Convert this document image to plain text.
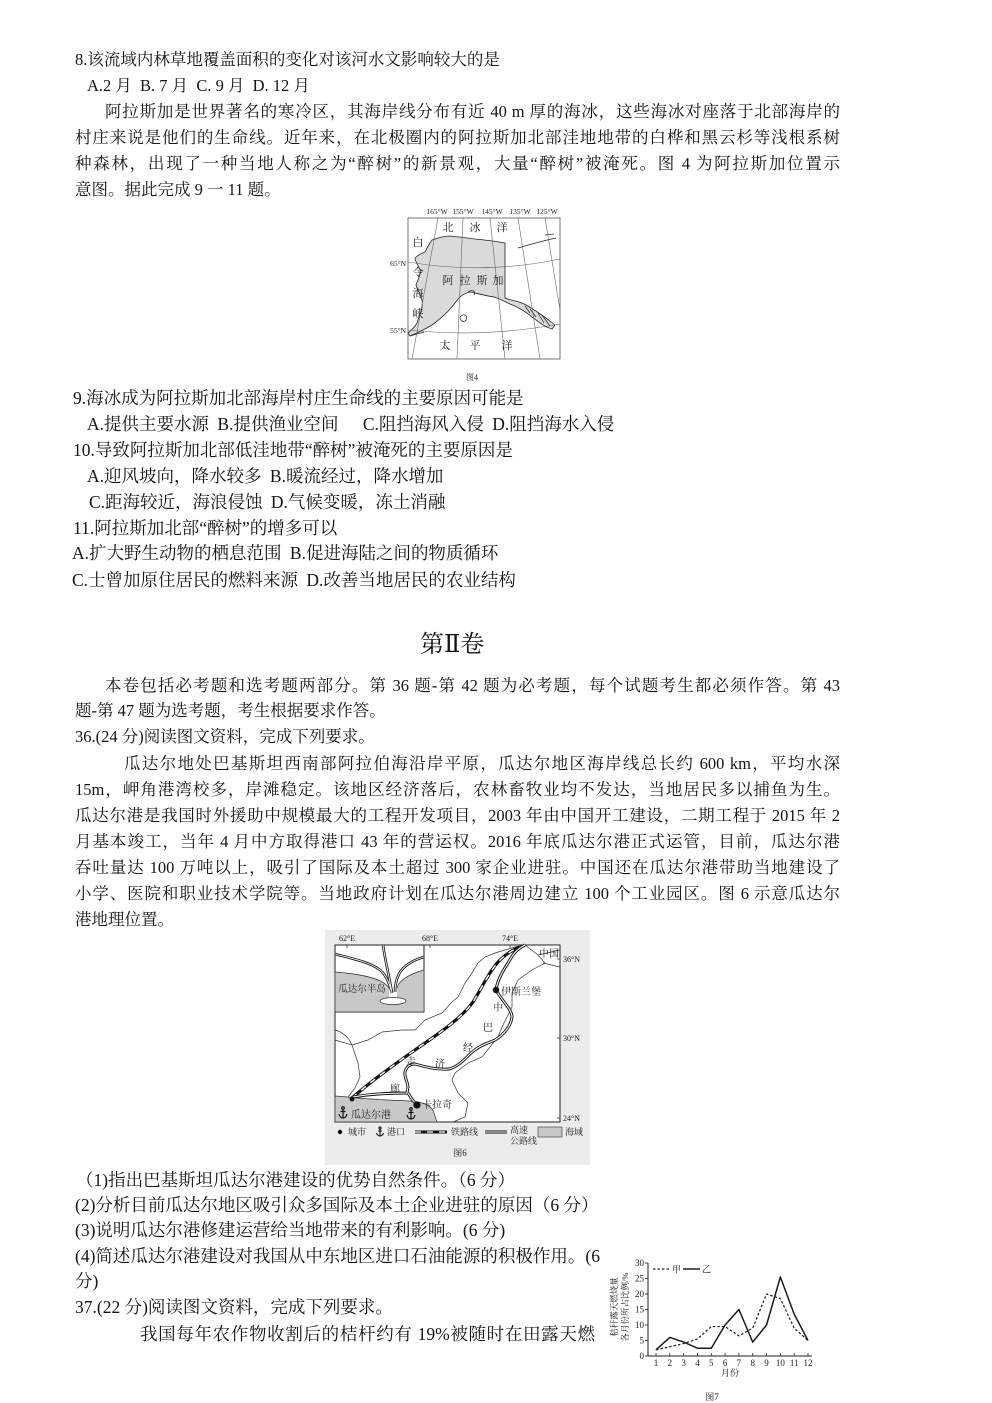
8.该流域内林草地覆盖面积的变化对该河水文影响较大的是
A.2 月 B. 7 月 C. 9 月 D. 12 月
阿拉斯加是世界著名的寒冷区，其海岸线分布有近 40 m 厚的海冰，这些海冰对座落于北部海岸的
村庄来说是他们的生命线。近年来，在北极圈内的阿拉斯加北部洼地地带的白桦和黑云杉等浅根系树
种森林，出现了一种当地人称之为“醉树”的新景观，大量“醉树”被淹死。图 4 为阿拉斯加位置示
意图。据此完成 9 一 11 题。
165°W 155°W 145°W 135°W 125°W
65°N
55°N
北 冰 洋
白
令
海
峡
阿 拉 斯 加
太 平 洋
图4
9.海冰成为阿拉斯加北部海岸村庄生命线的主要原因可能是
A.提供主要水源 B.提供渔业空间 C.阻挡海风入侵 D.阻挡海水入侵
10.导致阿拉斯加北部低洼地带“醉树”被淹死的主要原因是
A.迎风坡向，降水较多 B.暖流经过，降水增加
C.距海较近，海浪侵蚀 D.气候变暖，冻土消融
11.阿拉斯加北部“醉树”的增多可以
A.扩大野生动物的栖息范围 B.促进海陆之间的物质循环
C.士曾加原住居民的燃料来源 D.改善当地居民的农业结构
第Ⅱ卷
本卷包括必考题和选考题两部分。第 36 题-第 42 题为必考题，每个试题考生都必须作答。第 43
题-第 47 题为选考题，考生根据要求作答。
36.(24 分)阅读图文资料，完成下列要求。
瓜达尔地处巴基斯坦西南部阿拉伯海沿岸平原，瓜达尔地区海岸线总长约 600 km，平均水深
15m，岬角港湾校多，岸滩稳定。该地区经济落后，农林畜牧业均不发达，当地居民多以捕鱼为生。
瓜达尔港是我国时外援助中规模最大的工程开发项目，2003 年由中国开工建设，二期工程于 2015 年 2
月基本竣工，当年 4 月中方取得港口 43 年的营运权。2016 年底瓜达尔港正式运管，目前，瓜达尔港
吞吐量达 100 万吨以上，吸引了国际及本土超过 300 家企业进驻。中国还在瓜达尔港带助当地建设了
小学、医院和职业技术学院等。当地政府计划在瓜达尔港周边建立 100 个工业园区。图 6 示意瓜达尔
港地理位置。
瓜达尔半岛
62°E	68°E	74°E
36°N
30°N
24°N
伊斯兰堡
卡拉奇
瓜达尔港
中国
中
巴
经
济
走
廊
城市 港口	铁路线	高速
公路线
海域
图6
（1)指出巴基斯坦瓜达尔港建设的优势自然条件。（6 分）
(2)分析目前瓜达尔地区吸引众多国际及本土企业进驻的原因（6 分）
(3)说明瓜达尔港修建运营给当地带来的有利影响。(6 分)
(4)简述瓜达尔港建设对我国从中东地区进口石油能源的积极作用。(6
分)
37.(22 分)阅读图文资料，完成下列要求。
我国每年农作物收割后的桔杆约有 19%被随时在田露天燃
0
5
10
15
20
25
30
1 2 3 4 5 6 7 8 9 10 11 12
甲 乙
秸秆露天燃烧量 各月份所占比例/%
月份
图7
